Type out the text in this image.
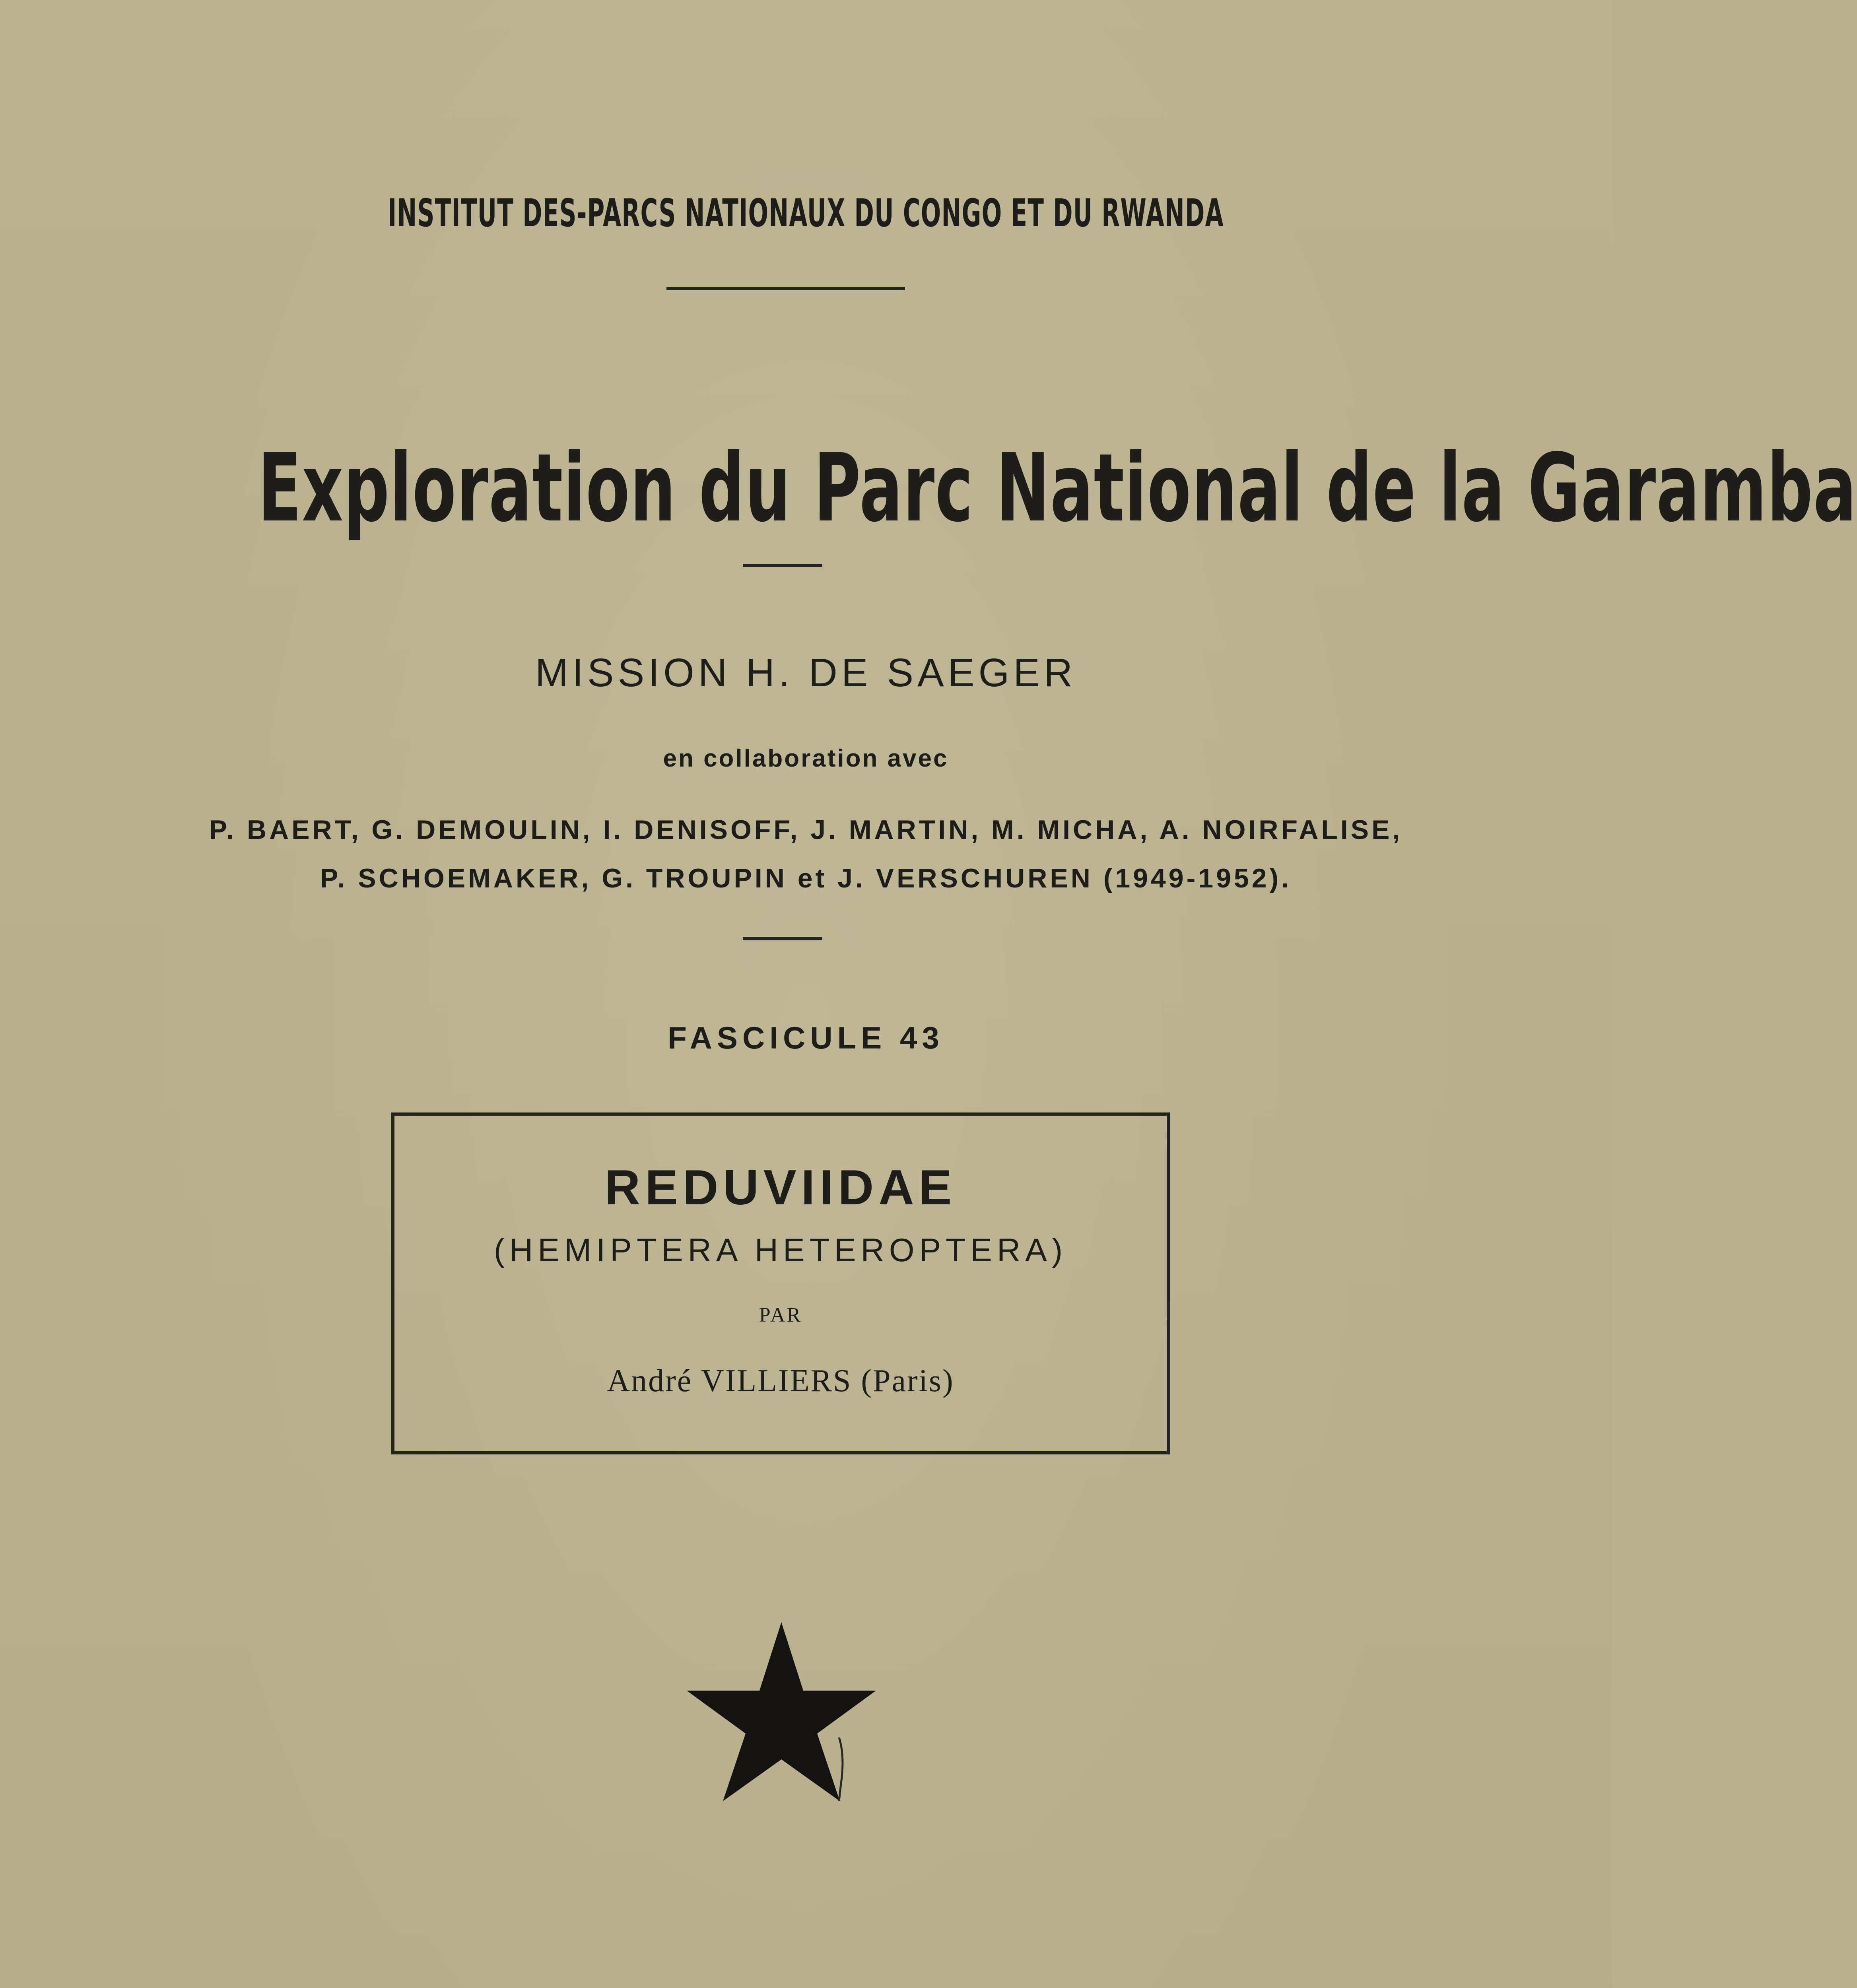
INSTITUT DES-PARCS NATIONAUX DU CONGO ET DU RWANDA
Exploration du Parc National de la Garamba
MISSION H. DE SAEGER
en collaboration avec
P. BAERT, G. DEMOULIN, I. DENISOFF, J. MARTIN, M. MICHA, A. NOIRFALISE,
P. SCHOEMAKER, G. TROUPIN et J. VERSCHUREN (1949-1952).
FASCICULE 43
REDUVIIDAE
(HEMIPTERA HETEROPTERA)
PAR
André VILLIERS (Paris)
